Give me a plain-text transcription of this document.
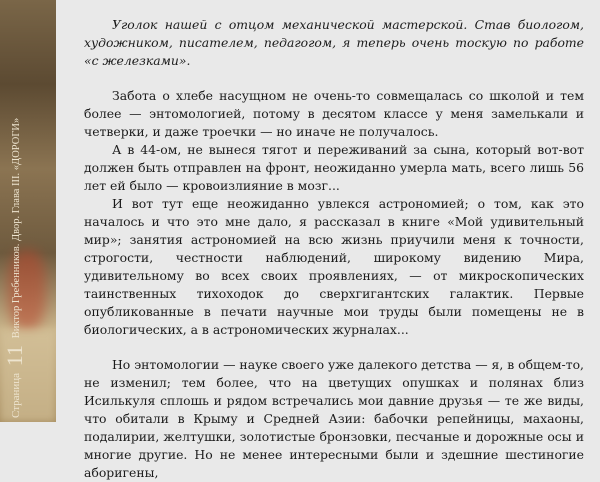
Страница 11 Виктор Гребенников. Двор. Глава III. «ДОРОГИ»

Уголок нашей с отцом механической мастерской. Став биологом, художником, писателем, педагогом, я теперь очень тоскую по работе «с железками».

Забота о хлебе насущном не очень-то совмещалась со школой и тем более — энтомологией, потому в десятом классе у меня замелькали и четверки, и даже троечки — но иначе не получалось.

А в 44-ом, не вынеся тягот и переживаний за сына, который вот-вот должен быть отправлен на фронт, неожиданно умерла мать, всего лишь 56 лет ей было — кровоизлияние в мозг...

И вот тут еще неожиданно увлекся астрономией; о том, как это началось и что это мне дало, я рассказал в книге «Мой удивительный мир»; занятия астрономией на всю жизнь приучили меня к точности, строгости, честности наблюдений, широкому видению Мира, удивительному во всех своих проявлениях, — от микроскопических таинственных тихоходок до сверхгигантских галактик. Первые опубликованные в печати научные мои труды были помещены не в биологических, а в астрономических журналах...

Но энтомологии — науке своего уже далекого детства — я, в общем-то, не изменил; тем более, что на цветущих опушках и полянах близ Исилькуля сплошь и рядом встречались мои давние друзья — те же виды, что обитали в Крыму и Средней Азии: бабочки репейницы, махаоны, подалирии, желтушки, золотистые бронзовки, песчаные и дорожные осы и многие другие. Но не менее интересными были и здешние шестиногие аборигены,
